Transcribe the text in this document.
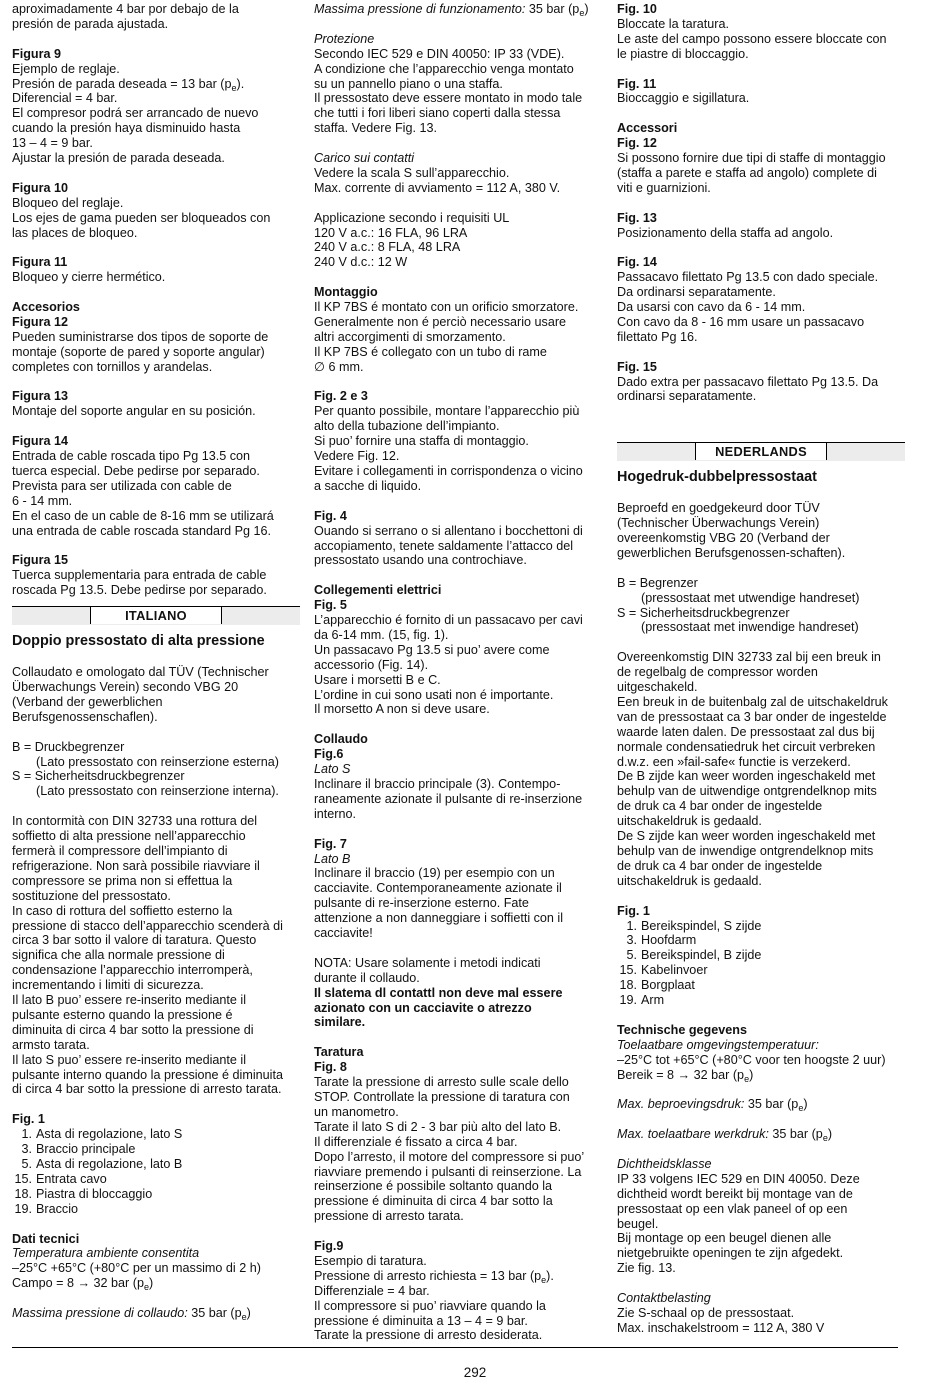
aproximadamente 4 bar por debajo de la
presión de parada ajustada.
Figura 9
Ejemplo de reglaje.
Presión de parada deseada = 13 bar $(p_e)$.
Diferencial = 4 bar.
El compresor podrá ser arrancado de nuevo
cuando la presión haya disminuido hasta
13 – 4 = 9 bar.
Ajustar la presión de parada deseada.
Figura 10
Bloqueo del reglaje.
Los ejes de gama pueden ser bloqueados con
las places de bloqueo.
Figura 11
Bloqueo y cierre hermético.
Accesorios
Figura 12
Pueden suministrarse dos tipos de soporte de
montaje (soporte de pared y soporte angular)
completes con tornillos y arandelas.
Figura 13
Montaje del soporte angular en su posición.
Figura 14
Entrada de cable roscada tipo Pg 13.5 con
tuerca especial. Debe pedirse por separado.
Prevista para ser utilizada con cable de
6 - 14 mm.
En el caso de un cable de 8-16 mm se utilizará
una entrada de cable roscada standard Pg 16.
Figura 15
Tuerca supplementaria para entrada de cable
roscada Pg 13.5. Debe pedirse por separado.
ITALIANO
Doppio pressostato di alta pressione
Collaudato e omologato dal TÜV (Technischer
Überwachungs Verein) secondo VBG 20
(Verband der gewerblichen
Berufsgenossenschaflen).
B = Druckbegrenzer
(Lato pressostato con reinserzione esterna)
S = Sicherheitsdruckbegrenzer
(Lato pressostato con reinserzione interna).
In contormità con DIN 32733 una rottura del
soffietto di alta pressione nell’apparecchio
fermerà il compressore dell’impianto di
refrigerazione. Non sarà possibile riavviare il
compressore se prima non si effettua la
sostituzione del pressostato.
In caso di rottura del soffietto esterno la
pressione di stacco dell’apparecchio scenderà di
circa 3 bar sotto il valore di taratura. Questo
significa che alla normale pressione di
condensazione l’apparecchio interromperà,
incrementando i limiti di sicurezza.
Il lato B puo’ essere re-inserito mediante il
pulsante esterno quando la pressione é
diminuita di circa 4 bar sotto la pressione di
armsto tarata.
Il lato S puo’ essere re-inserito mediante il
pulsante interno quando la pressione é diminuita
di circa 4 bar sotto la pressione di arresto tarata.
Fig. 1
1. Asta di regolazione, lato S
3. Braccio principale
5. Asta di regolazione, lato B
15. Entrata cavo
18. Piastra di bloccaggio
19. Braccio
Dati tecnici
Temperatura ambiente consentita
–25°C +65°C (+80°C per un massimo di 2 h)
Campo = 8 → 32 bar $(p_e)$
Massima pressione di collaudo: 35 bar $(p_e)$
Massima pressione di funzionamento: 35 bar $(p_e)$
Protezione
Secondo IEC 529 e DIN 40050: IP 33 (VDE).
A condizione che l’apparecchio venga montato
su un pannello piano o una staffa.
Il pressostato deve essere montato in modo tale
che tutti i fori liberi siano coperti dalla stessa
staffa. Vedere Fig. 13.
Carico sui contatti
Vedere la scala S sull’apparecchio.
Max. corrente di avviamento = 112 A, 380 V.
Applicazione secondo i requisiti UL
120 V a.c.: 16 FLA, 96 LRA
240 V a.c.: 8 FLA, 48 LRA
240 V d.c.: 12 W
Montaggio
Il KP 7BS é montato con un orificio smorzatore.
Generalmente non é perciò necessario usare
altri accorgimenti di smorzamento.
Il KP 7BS é collegato con un tubo di rame
∅ 6 mm.
Fig. 2 e 3
Per quanto possibile, montare l’apparecchio più
alto della tubazione dell’impianto.
Si puo’ fornire una staffa di montaggio.
Vedere Fig. 12.
Evitare i collegamenti in corrispondenza o vicino
a sacche di liquido.
Fig. 4
Ouando si serrano o si allentano i bocchettoni di
accopiamento, tenete saldamente l’attacco del
pressostato usando una controchiave.
Collegementi elettrici
Fig. 5
L’apparecchio é fornito di un passacavo per cavi
da 6-14 mm. (15, fig. 1).
Un passacavo Pg 13.5 si puo’ avere come
accessorio (Fig. 14).
Usare i morsetti B e C.
L’ordine in cui sono usati non é importante.
Il morsetto A non si deve usare.
Collaudo
Fig.6
Lato S
Inclinare il braccio principale (3). Contempo-
raneamente azionate il pulsante di re-inserzione
interno.
Fig. 7
Lato B
Inclinare il braccio (19) per esempio con un
cacciavite. Contemporaneamente azionate il
pulsante di re-inserzione esterno. Fate
attenzione a non danneggiare i soffietti con il
cacciavite!
NOTA: Usare solamente i metodi indicati
durante il collaudo.
Il slatema dl contattl non deve mal essere
azionato con un cacciavite o atrezzo
similare.
Taratura
Fig. 8
Tarate la pressione di arresto sulle scale dello
STOP. Controllate la pressione di taratura con
un manometro.
Tarate il lato S di 2 - 3 bar più alto del lato B.
Il differenziale é fissato a circa 4 bar.
Dopo l’arresto, il motore del compressore si puo’
riavviare premendo i pulsanti di reinserzione. La
reinserzione é possibile soltanto quando la
pressione é diminuita di circa 4 bar sotto la
pressione di arresto tarata.
Fig.9
Esempio di taratura.
Pressione di arresto richiesta = 13 bar $(p_e)$.
Differenziale = 4 bar.
Il compressore si puo’ riavviare quando la
pressione é diminuita a 13 – 4 = 9 bar.
Tarate la pressione di arresto desiderata.
Fig. 10
Bloccate la taratura.
Le aste del campo possono essere bloccate con
le piastre di bloccaggio.
Fig. 11
Bioccaggio e sigillatura.
Accessori
Fig. 12
Si possono fornire due tipi di staffe di montaggio
(staffa a parete e staffa ad angolo) complete di
viti e guarnizioni.
Fig. 13
Posizionamento della staffa ad angolo.
Fig. 14
Passacavo filettato Pg 13.5 con dado speciale.
Da ordinarsi separatamente.
Da usarsi con cavo da 6 - 14 mm.
Con cavo da 8 - 16 mm usare un passacavo
filettato Pg 16.
Fig. 15
Dado extra per passacavo filettato Pg 13.5. Da
ordinarsi separatamente.
NEDERLANDS
Hogedruk-dubbelpressostaat
Beproefd en goedgekeurd door TÜV
(Technischer Überwachungs Verein)
overeenkomstig VBG 20 (Verband der
gewerblichen Berufsgenossen-schaften).
B = Begrenzer
(pressostaat met utwendige handreset)
S = Sicherheitsdruckbegrenzer
(pressostaat met inwendige handreset)
Overeenkomstig DIN 32733 zal bij een breuk in
de regelbalg de compressor worden
uitgeschakeld.
Een breuk in de buitenbalg zal de uitschakeldruk
van de pressostaat ca 3 bar onder de ingestelde
waarde laten dalen. De pressostaat zal dus bij
normale condensatiedruk het circuit verbreken
d.w.z. een »fail-safe« functie is verzekerd.
De B zijde kan weer worden ingeschakeld met
behulp van de uitwendige ontgrendelknop mits
de druk ca 4 bar onder de ingestelde
uitschakeldruk is gedaald.
De S zijde kan weer worden ingeschakeld met
behulp van de inwendige ontgrendelknop mits
de druk ca 4 bar onder de ingestelde
uitschakeldruk is gedaald.
Fig. 1
1. Bereikspindel, S zijde
3. Hoofdarm
5. Bereikspindel, B zijde
15. Kabelinvoer
18. Borgplaat
19. Arm
Technische gegevens
Toelaatbare omgevingstemperatuur:
–25°C tot +65°C (+80°C voor ten hoogste 2 uur)
Bereik = 8 → 32 bar $(p_e)$
Max. beproevingsdruk: 35 bar $(p_e)$
Max. toelaatbare werkdruk: 35 bar $(p_e)$
Dichtheidsklasse
IP 33 volgens IEC 529 en DIN 40050. Deze
dichtheid wordt bereikt bij montage van de
pressostaat op een vlak paneel of op een
beugel.
Bij montage op een beugel dienen alle
nietgebruikte openingen te zijn afgedekt.
Zie fig. 13.
Contaktbelasting
Zie S-schaal op de pressostaat.
Max. inschakelstroom = 112 A, 380 V
292
